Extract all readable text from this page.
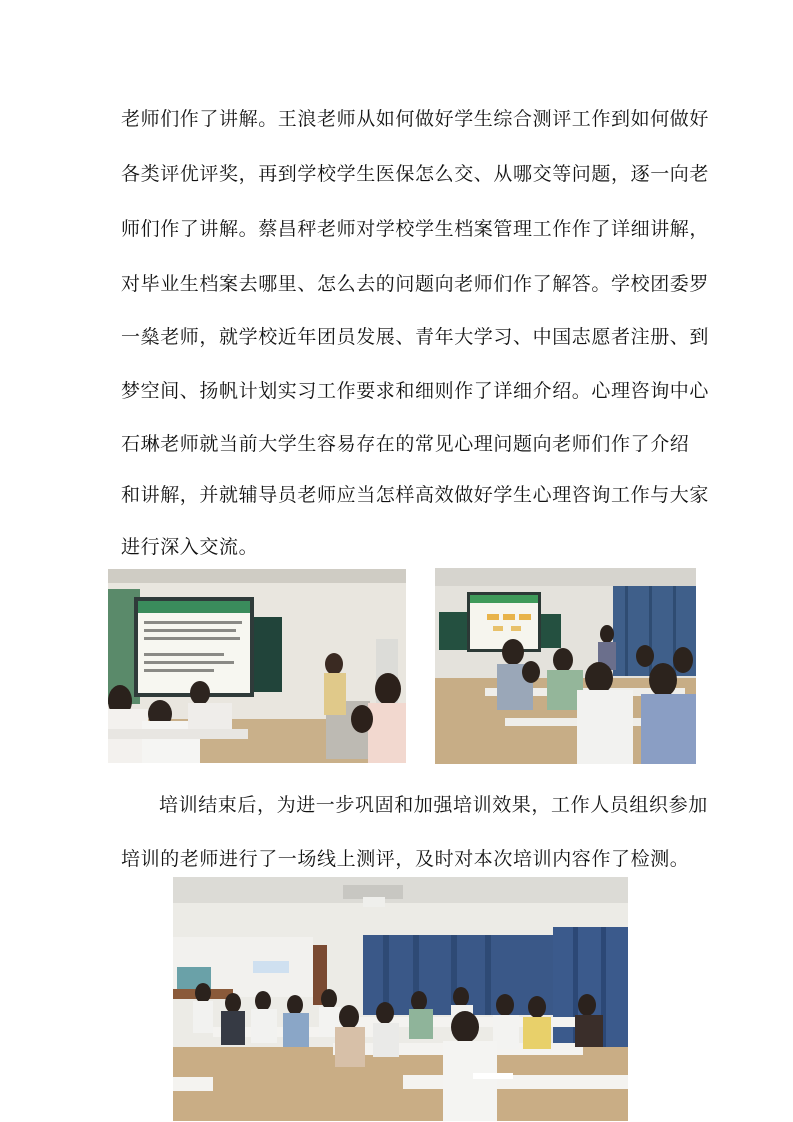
老师们作了讲解。王浪老师从如何做好学生综合测评工作到如何做好
各类评优评奖，再到学校学生医保怎么交、从哪交等问题，逐一向老
师们作了讲解。蔡昌秤老师对学校学生档案管理工作作了详细讲解，
对毕业生档案去哪里、怎么去的问题向老师们作了解答。学校团委罗
一燊老师，就学校近年团员发展、青年大学习、中国志愿者注册、到
梦空间、扬帆计划实习工作要求和细则作了详细介绍。心理咨询中心
石琳老师就当前大学生容易存在的常见心理问题向老师们作了介绍
和讲解，并就辅导员老师应当怎样高效做好学生心理咨询工作与大家
进行深入交流。
培训结束后，为进一步巩固和加强培训效果，工作人员组织参加
培训的老师进行了一场线上测评，及时对本次培训内容作了检测。
